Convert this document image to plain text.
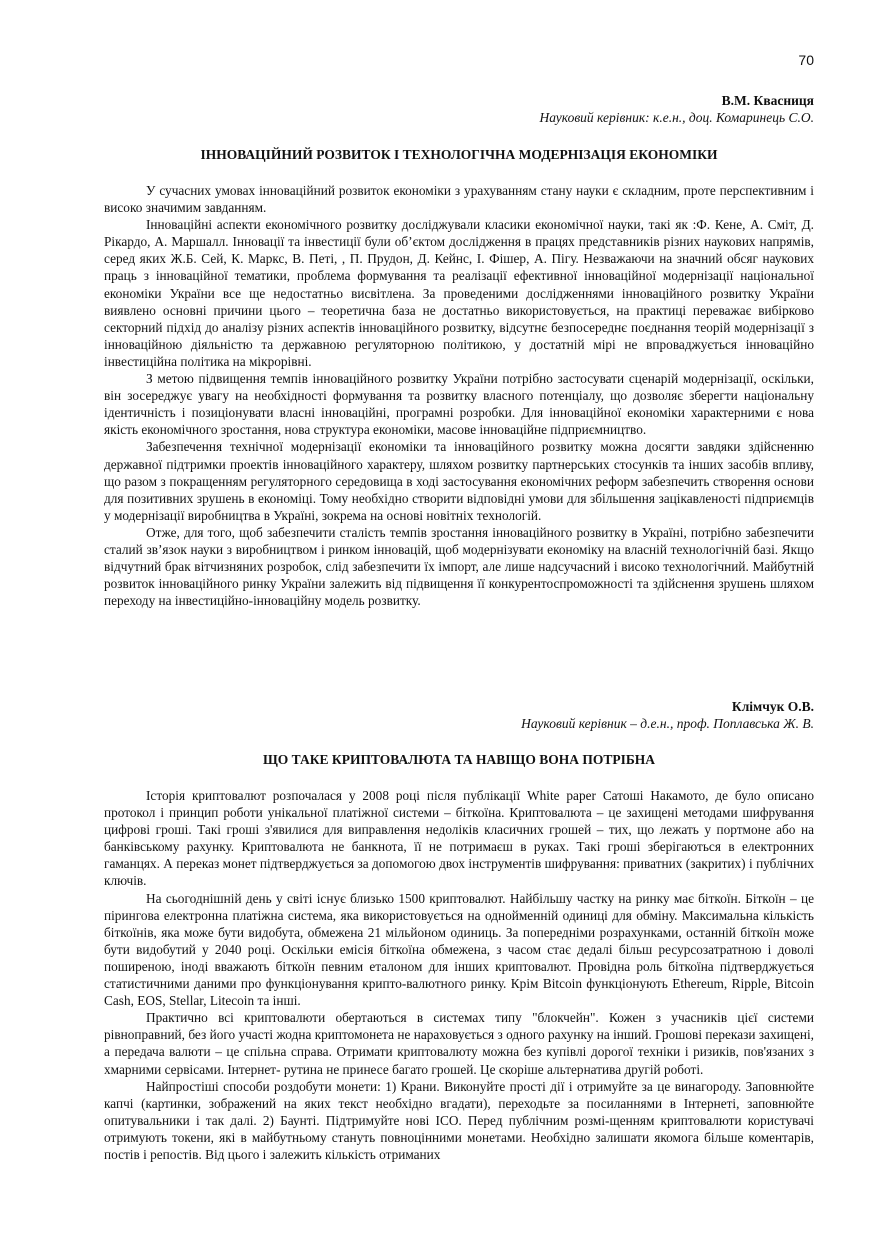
70
В.М. Квасниця
Науковий керівник: к.е.н., доц. Комаринець С.О.
ІННОВАЦІЙНИЙ РОЗВИТОК І ТЕХНОЛОГІЧНА МОДЕРНІЗАЦІЯ ЕКОНОМІКИ

У сучасних умовах інноваційний розвиток економіки з урахуванням стану науки є складним, проте перспективним і високо значимим завданням.

Інноваційні аспекти економічного розвитку досліджували класики економічної науки, такі як :Ф. Кене, А. Сміт, Д. Рікардо, А. Маршалл. Інновації та інвестиції були об’єктом дослідження в працях представників різних наукових напрямів, серед яких Ж.Б. Сей, К. Маркс, В. Петі, , П. Прудон, Д. Кейнс, І. Фішер, А. Пігу. Незважаючи на значний обсяг наукових праць з інноваційної тематики, проблема формування та реалізації ефективної інноваційної модернізації національної економіки України все ще недостатньо висвітлена. За проведеними дослідженнями інноваційного розвитку України виявлено основні причини цього – теоретична база не достатньо використовується, на практиці переважає вибірково секторний підхід до аналізу різних аспектів інноваційного розвитку, відсутнє безпосереднє поєднання теорій модернізації з інноваційною діяльністю та державною регуляторною політикою, у достатній мірі не впроваджується інноваційно інвестиційна політика на мікрорівні.

З метою підвищення темпів інноваційного розвитку України потрібно застосувати сценарій модернізації, оскільки, він зосереджує увагу на необхідності формування та розвитку власного потенціалу, що дозволяє зберегти національну ідентичність і позиціонувати власні інноваційні, програмні розробки. Для інноваційної економіки характерними є нова якість економічного зростання, нова структура економіки, масове інноваційне підприємництво.

Забезпечення технічної модернізації економіки та інноваційного розвитку можна досягти завдяки здійсненню державної підтримки проектів інноваційного характеру, шляхом розвитку партнерських стосунків та інших засобів впливу, що разом з покращенням регуляторного середовища в ході застосування економічних реформ забезпечить створення основи для позитивних зрушень в економіці. Тому необхідно створити відповідні умови для збільшення зацікавленості підприємців у модернізації виробництва в Україні, зокрема на основі новітніх технологій.

Отже, для того, щоб забезпечити сталість темпів зростання інноваційного розвитку в Україні, потрібно забезпечити сталий зв’язок науки з виробництвом і ринком інновацій, щоб модернізувати економіку на власній технологічній базі. Якщо відчутний брак вітчизняних розробок, слід забезпечити їх імпорт, але лише надсучасний і високо технологічний. Майбутній розвиток інноваційного ринку України залежить від підвищення її конкурентоспроможності та здійснення зрушень шляхом переходу на інвестиційно-інноваційну модель розвитку.

Клімчук О.В.
Науковий керівник – д.е.н., проф. Поплавська Ж. В.
ЩО ТАКЕ КРИПТОВАЛЮТА ТА НАВІЩО ВОНА ПОТРІБНА

Історія криптовалют розпочалася у 2008 році після публікації White paper Сатоші Накамото, де було описано протокол і принцип роботи унікальної платіжної системи – біткоїна. Криптовалюта – це захищені методами шифрування цифрові гроші. Такі гроші з'явилися для виправлення недоліків класичних грошей – тих, що лежать у портмоне або на банківському рахунку. Криптовалюта не банкнота, її не потримаєш в руках. Такі гроші зберігаються в електронних гаманцях. А переказ монет підтверджується за допомогою двох інструментів шифрування: приватних (закритих) і публічних ключів.

На сьогоднішній день у світі існує близько 1500 криптовалют. Найбільшу частку на ринку має біткоїн. Біткоїн – це пірингова електронна платіжна система, яка використовується на однойменній одиниці для обміну. Максимальна кількість біткоїнів, яка може бути видобута, обмежена 21 мільйоном одиниць. За попередніми розрахунками, останній біткоїн може бути видобутий у 2040 році. Оскільки емісія біткоїна обмежена, з часом стає дедалі більш ресурсозатратною і доволі поширеною, іноді вважають біткоїн певним еталоном для інших криптовалют. Провідна роль біткоїна підтверджується статистичними даними про функціонування крипто-валютного ринку. Крім Bitcoin функціонують Ethereum, Ripple, Bitcoin Cash, EOS, Stellar, Litecoin та інші.

Практично всі криптовалюти обертаються в системах типу "блокчейн". Кожен з учасників цієї системи рівноправний, без його участі жодна криптомонета не нараховується з одного рахунку на інший. Грошові перекази захищені, а передача валюти – це спільна справа. Отримати криптовалюту можна без купівлі дорогої техніки і ризиків, пов'язаних з хмарними сервісами. Інтернет- рутина не принесе багато грошей. Це скоріше альтернатива другій роботі.

Найпростіші способи роздобути монети: 1) Крани. Виконуйте прості дії і отримуйте за це винагороду. Заповнюйте капчі (картинки, зображений на яких текст необхідно вгадати), переходьте за посиланнями в Інтернеті, заповнюйте опитувальники і так далі. 2) Баунті. Підтримуйте нові ICO. Перед публічним розмі-щенням криптовалюти користувачі отримують токени, які в майбутньому стануть повноцінними монетами. Необхідно залишати якомога більше коментарів, постів і репостів. Від цього і залежить кількість отриманих
